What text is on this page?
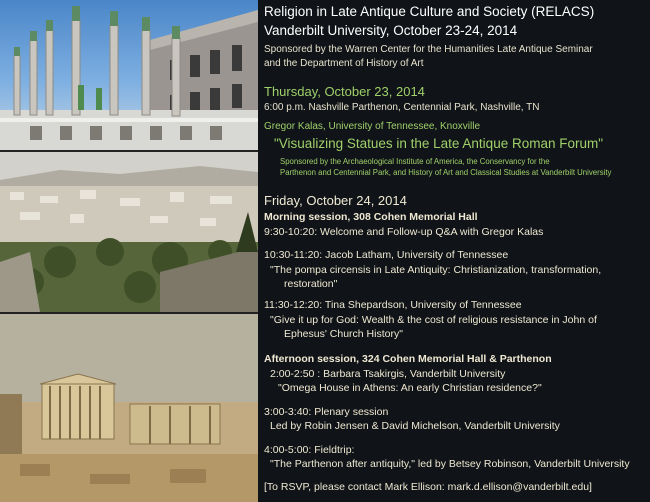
Religion in Late Antique Culture and Society (RELACS)
Vanderbilt University, October 23-24, 2014
Sponsored by the Warren Center for the Humanities Late Antique Seminar
and the Department of History of Art
Thursday, October 23, 2014
6:00 p.m. Nashville Parthenon, Centennial Park, Nashville, TN
Gregor Kalas, University of Tennessee, Knoxville
"Visualizing Statues in the Late Antique Roman Forum"
Sponsored by the Archaeological Institute of America, the Conservancy for the
Parthenon and Centennial Park, and History of Art and Classical Studies at Vanderbilt University
Friday, October 24, 2014
Morning session, 308 Cohen Memorial Hall
9:30-10:20: Welcome and Follow-up Q&A with Gregor Kalas
10:30-11:20: Jacob Latham, University of Tennessee
"The pompa circensis in Late Antiquity: Christianization, transformation,
restoration"
11:30-12:20: Tina Shepardson, University of Tennessee
"Give it up for God: Wealth & the cost of religious resistance in John of
Ephesus' Church History"
Afternoon session, 324 Cohen Memorial Hall & Parthenon
2:00-2:50 : Barbara Tsakirgis, Vanderbilt University
"Omega House in Athens: An early Christian residence?"
3:00-3:40: Plenary session
Led by Robin Jensen & David Michelson, Vanderbilt University
4:00-5:00: Fieldtrip:
"The Parthenon after antiquity," led by Betsey Robinson, Vanderbilt University
[To RSVP, please contact Mark Ellison: mark.d.ellison@vanderbilt.edu]
